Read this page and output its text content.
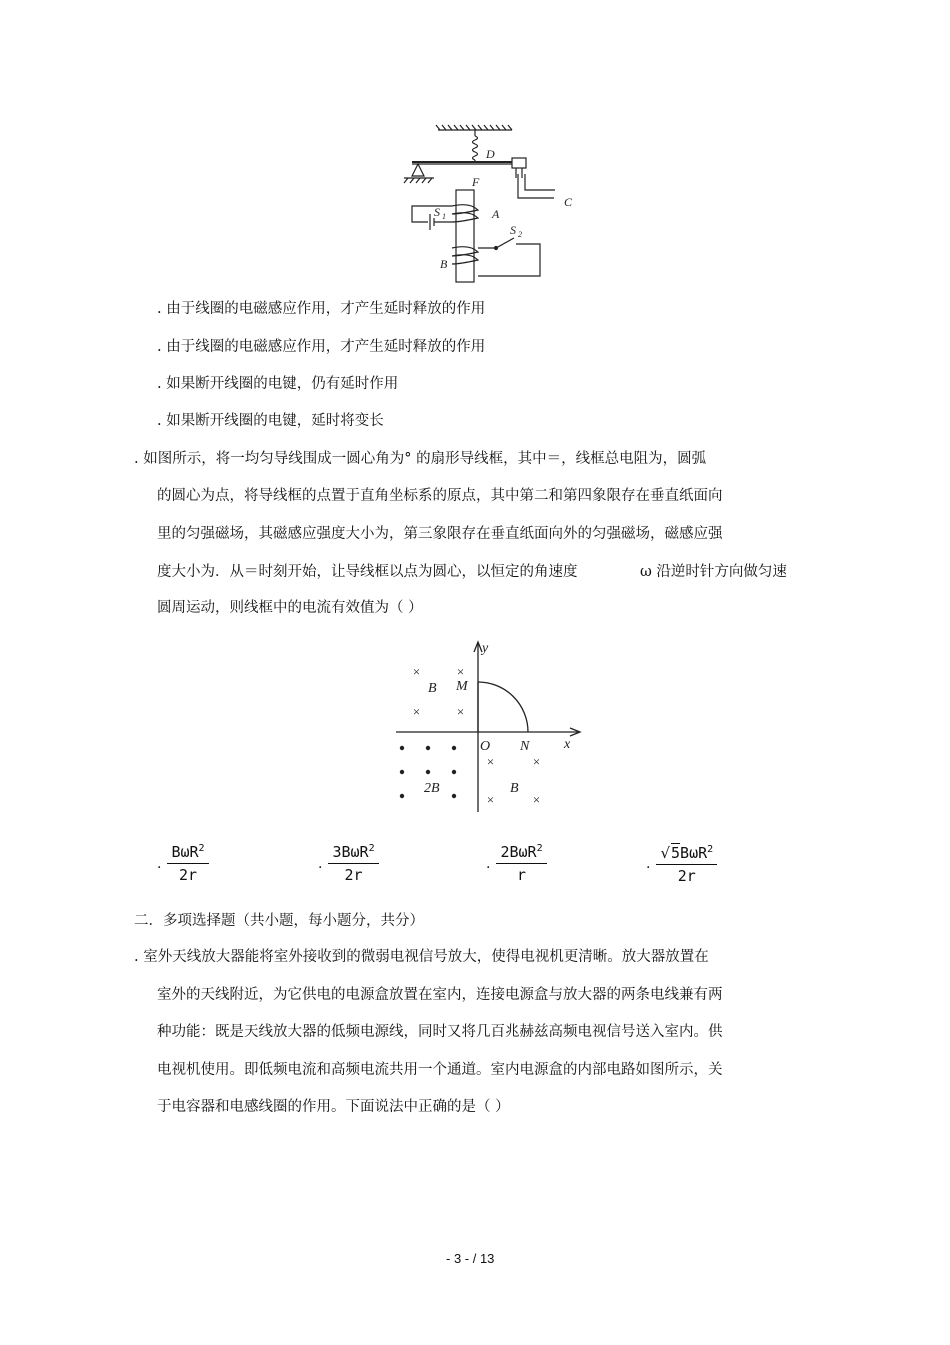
D
C
F
A
B
S 1
S 2
. 由于线圈的电磁感应作用，才产生延时释放的作用
. 由于线圈的电磁感应作用，才产生延时释放的作用
. 如果断开线圈的电键，仍有延时作用
. 如果断开线圈的电键，延时将变长
. 如图所示，将一均匀导线围成一圆心角为° 的扇形导线框，其中＝，线框总电阻为，圆弧
的圆心为点，将导线框的点置于直角坐标系的原点，其中第二和第四象限存在垂直纸面向
里的匀强磁场，其磁感应强度大小为，第三象限存在垂直纸面向外的匀强磁场，磁感应强
度大小为．从＝时刻开始，让导线框以点为圆心，以恒定的角速度	ω 沿逆时针方向做匀速
圆周运动，则线框中的电流有效值为（ ）
y
x
O
M
N
B
B
2B
×	×
×	×
×	×
×	×
. $\frac{B\omega R^2}{2r}$	. $\frac{3B\omega R^2}{2r}$	. $\frac{2B\omega R^2}{r}$	. $\frac{√5B\omega R^2}{2r}$
二．多项选择题（共小题，每小题分，共分）
. 室外天线放大器能将室外接收到的微弱电视信号放大，使得电视机更清晰。放大器放置在
室外的天线附近，为它供电的电源盒放置在室内，连接电源盒与放大器的两条电线兼有两
种功能：既是天线放大器的低频电源线，同时又将几百兆赫兹高频电视信号送入室内。供
电视机使用。即低频电流和高频电流共用一个通道。室内电源盒的内部电路如图所示，关
于电容器和电感线圈的作用。下面说法中正确的是（ ）
- 3 - / 13
